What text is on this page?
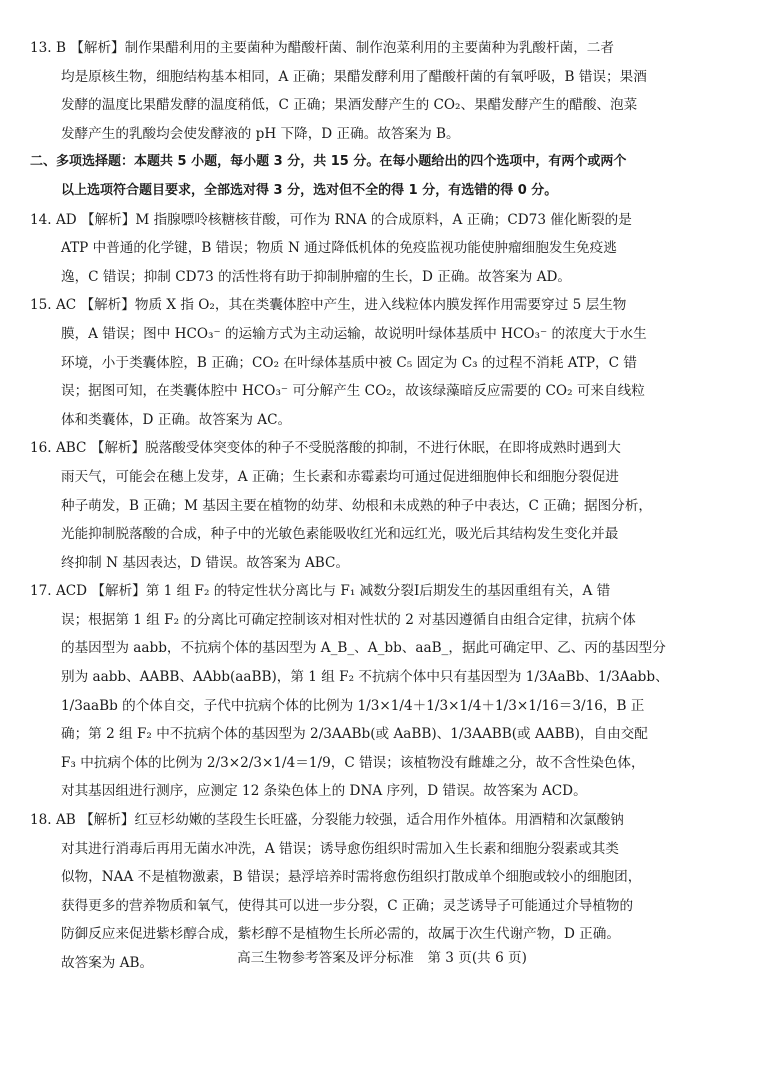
13. B 【解析】制作果醋利用的主要菌种为醋酸杆菌、制作泡菜利用的主要菌种为乳酸杆菌，二者
均是原核生物，细胞结构基本相同，A 正确；果醋发酵利用了醋酸杆菌的有氧呼吸，B 错误；果酒
发酵的温度比果醋发酵的温度稍低，C 正确；果酒发酵产生的 CO₂、果醋发酵产生的醋酸、泡菜
发酵产生的乳酸均会使发酵液的 pH 下降，D 正确。故答案为 B。
二、多项选择题：本题共 5 小题，每小题 3 分，共 15 分。在每小题给出的四个选项中，有两个或两个
以上选项符合题目要求，全部选对得 3 分，选对但不全的得 1 分，有选错的得 0 分。
14. AD 【解析】M 指腺嘌呤核糖核苷酸，可作为 RNA 的合成原料，A 正确；CD73 催化断裂的是
ATP 中普通的化学键，B 错误；物质 N 通过降低机体的免疫监视功能使肿瘤细胞发生免疫逃
逸，C 错误；抑制 CD73 的活性将有助于抑制肿瘤的生长，D 正确。故答案为 AD。
15. AC 【解析】物质 X 指 O₂，其在类囊体腔中产生，进入线粒体内膜发挥作用需要穿过 5 层生物
膜，A 错误；图中 HCO₃⁻ 的运输方式为主动运输，故说明叶绿体基质中 HCO₃⁻ 的浓度大于水生
环境，小于类囊体腔，B 正确；CO₂ 在叶绿体基质中被 C₅ 固定为 C₃ 的过程不消耗 ATP，C 错
误；据图可知，在类囊体腔中 HCO₃⁻ 可分解产生 CO₂，故该绿藻暗反应需要的 CO₂ 可来自线粒
体和类囊体，D 正确。故答案为 AC。
16. ABC 【解析】脱落酸受体突变体的种子不受脱落酸的抑制，不进行休眠，在即将成熟时遇到大
雨天气，可能会在穗上发芽，A 正确；生长素和赤霉素均可通过促进细胞伸长和细胞分裂促进
种子萌发，B 正确；M 基因主要在植物的幼芽、幼根和未成熟的种子中表达，C 正确；据图分析，
光能抑制脱落酸的合成，种子中的光敏色素能吸收红光和远红光，吸光后其结构发生变化并最
终抑制 N 基因表达，D 错误。故答案为 ABC。
17. ACD 【解析】第 1 组 F₂ 的特定性状分离比与 F₁ 减数分裂Ⅰ后期发生的基因重组有关，A 错
误；根据第 1 组 F₂ 的分离比可确定控制该对相对性状的 2 对基因遵循自由组合定律，抗病个体
的基因型为 aabb，不抗病个体的基因型为 A_B_、A_bb、aaB_，据此可确定甲、乙、丙的基因型分
别为 aabb、AABB、AAbb(aaBB)，第 1 组 F₂ 不抗病个体中只有基因型为 1/3AaBb、1/3Aabb、
1/3aaBb 的个体自交，子代中抗病个体的比例为 1/3×1/4＋1/3×1/4＋1/3×1/16＝3/16，B 正
确；第 2 组 F₂ 中不抗病个体的基因型为 2/3AABb(或 AaBB)、1/3AABB(或 AABB)，自由交配
F₃ 中抗病个体的比例为 2/3×2/3×1/4＝1/9，C 错误；该植物没有雌雄之分，故不含性染色体，
对其基因组进行测序，应测定 12 条染色体上的 DNA 序列，D 错误。故答案为 ACD。
18. AB 【解析】红豆杉幼嫩的茎段生长旺盛，分裂能力较强，适合用作外植体。用酒精和次氯酸钠
对其进行消毒后再用无菌水冲洗，A 错误；诱导愈伤组织时需加入生长素和细胞分裂素或其类
似物，NAA 不是植物激素，B 错误；悬浮培养时需将愈伤组织打散成单个细胞或较小的细胞团，
获得更多的营养物质和氧气，使得其可以进一步分裂，C 正确；灵芝诱导子可能通过介导植物的
防御反应来促进紫杉醇合成，紫杉醇不是植物生长所必需的，故属于次生代谢产物，D 正确。
故答案为 AB。	高三生物参考答案及评分标准　第 3 页(共 6 页)
